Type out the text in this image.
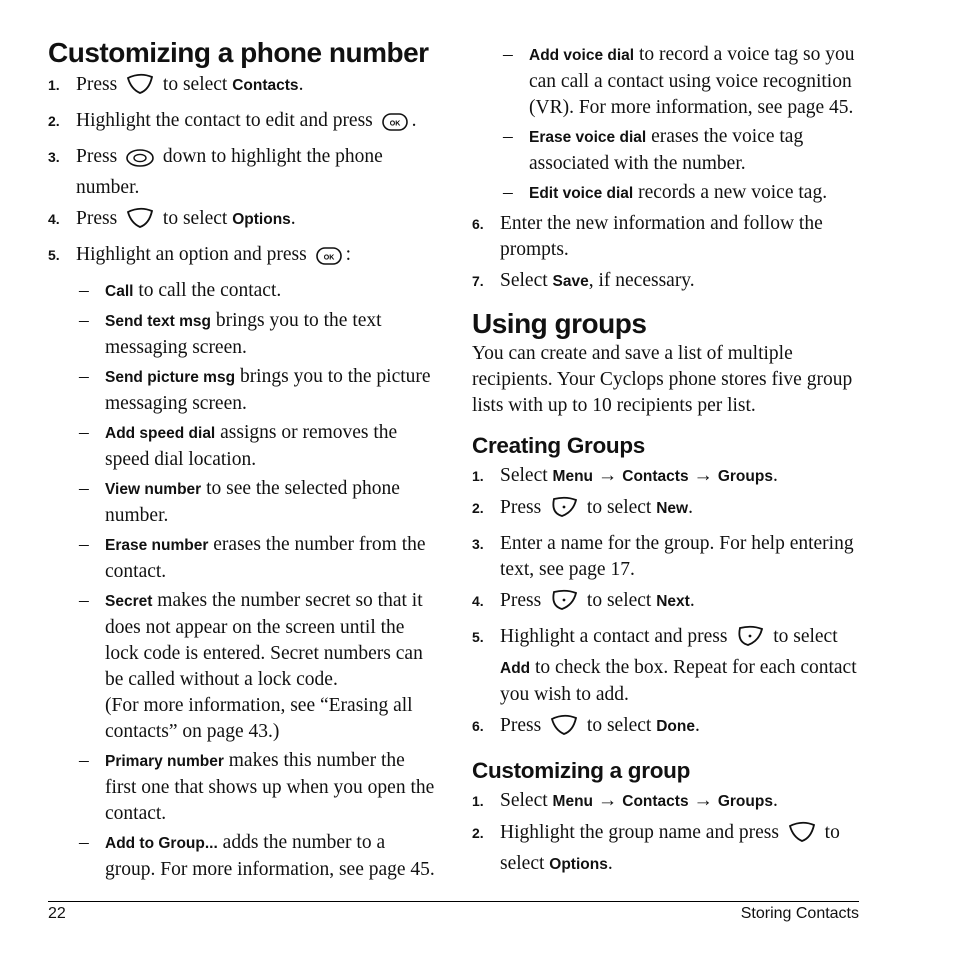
Customizing a phone number
1. Press to select Contacts.
2. Highlight the contact to edit and press OK .
3. Press down to highlight the phone number.
4. Press to select Options.
5. Highlight an option and press OK :
– Call to call the contact.
– Send text msg brings you to the text messaging screen.
– Send picture msg brings you to the picture messaging screen.
– Add speed dial assigns or removes the speed dial location.
– View number to see the selected phone number.
– Erase number erases the number from the contact.
– Secret makes the number secret so that it does not appear on the screen until the lock code is entered. Secret numbers can be called without a lock code.
(For more information, see “Erasing all contacts” on page 43.)
– Primary number makes this number the first one that shows up when you open the contact.
– Add to Group... adds the number to a group. For more information, see page 45.
–	Add voice dial to record a voice tag so you can call a contact using voice recognition (VR). For more information, see page 45.
–	Erase voice dial erases the voice tag associated with the number.
–	Edit voice dial records a new voice tag.
6. Enter the new information and follow the prompts.
7. Select Save, if necessary.
Using groups

You can create and save a list of multiple recipients. Your Cyclops phone stores five group lists with up to 10 recipients per list.

Creating Groups
1. Select Menu → Contacts → Groups.
2. Press to select New.
3. Enter a name for the group. For help entering text, see page 17.
4. Press to select Next.
5. Highlight a contact and press to select Add to check the box. Repeat for each contact you wish to add.
6. Press to select Done.
Customizing a group
1. Select Menu → Contacts → Groups.
2. Highlight the group name and press to select Options.
22	Storing Contacts
